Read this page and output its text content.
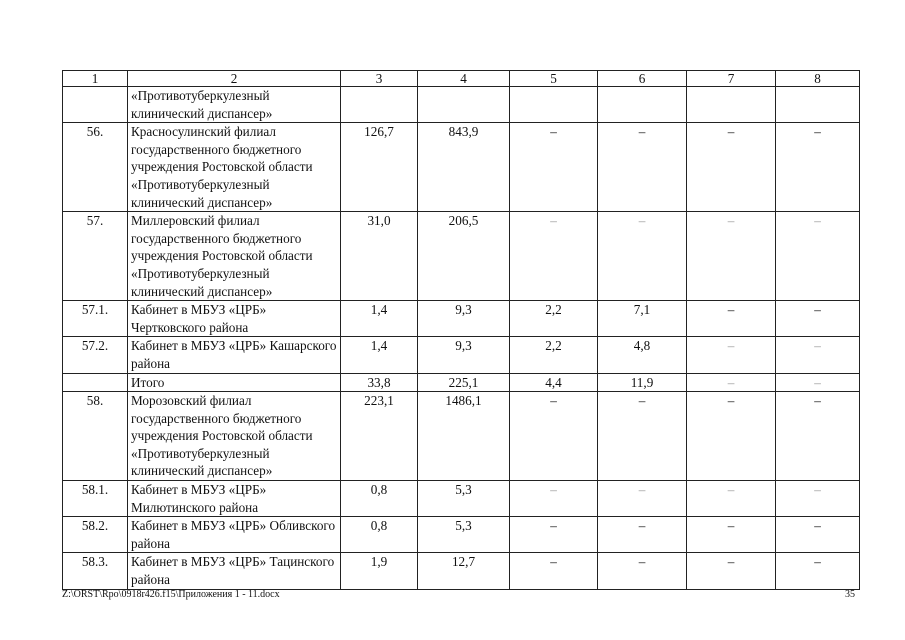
1	2	3	4	5	6	7	8
	«Противотуберкулезный клинический диспансер»						
56.	Красносулинский филиал государственного бюджетного учреждения Ростовской области «Противотуберкулезный клинический диспансер»	126,7	843,9	–	–	–	–
57.	Миллеровский филиал государственного бюджетного учреждения Ростовской области «Противотуберкулезный клинический диспансер»	31,0	206,5	–	–	–	–
57.1.	Кабинет в МБУЗ «ЦРБ» Чертковского района	1,4	9,3	2,2	7,1	–	–
57.2.	Кабинет в МБУЗ «ЦРБ» Кашарского района	1,4	9,3	2,2	4,8	–	–
	Итого	33,8	225,1	4,4	11,9	–	–
58.	Морозовский филиал государственного бюджетного учреждения Ростовской области «Противотуберкулезный клинический диспансер»	223,1	1486,1	–	–	–	–
58.1.	Кабинет в МБУЗ «ЦРБ» Милютинского района	0,8	5,3	–	–	–	–
58.2.	Кабинет в МБУЗ «ЦРБ» Обливского района	0,8	5,3	–	–	–	–
58.3.	Кабинет в МБУЗ «ЦРБ» Тацинского района	1,9	12,7	–	–	–	–
Z:\ORST\Rpo\0918r426.f15\Приложения 1 - 11.docx	35
